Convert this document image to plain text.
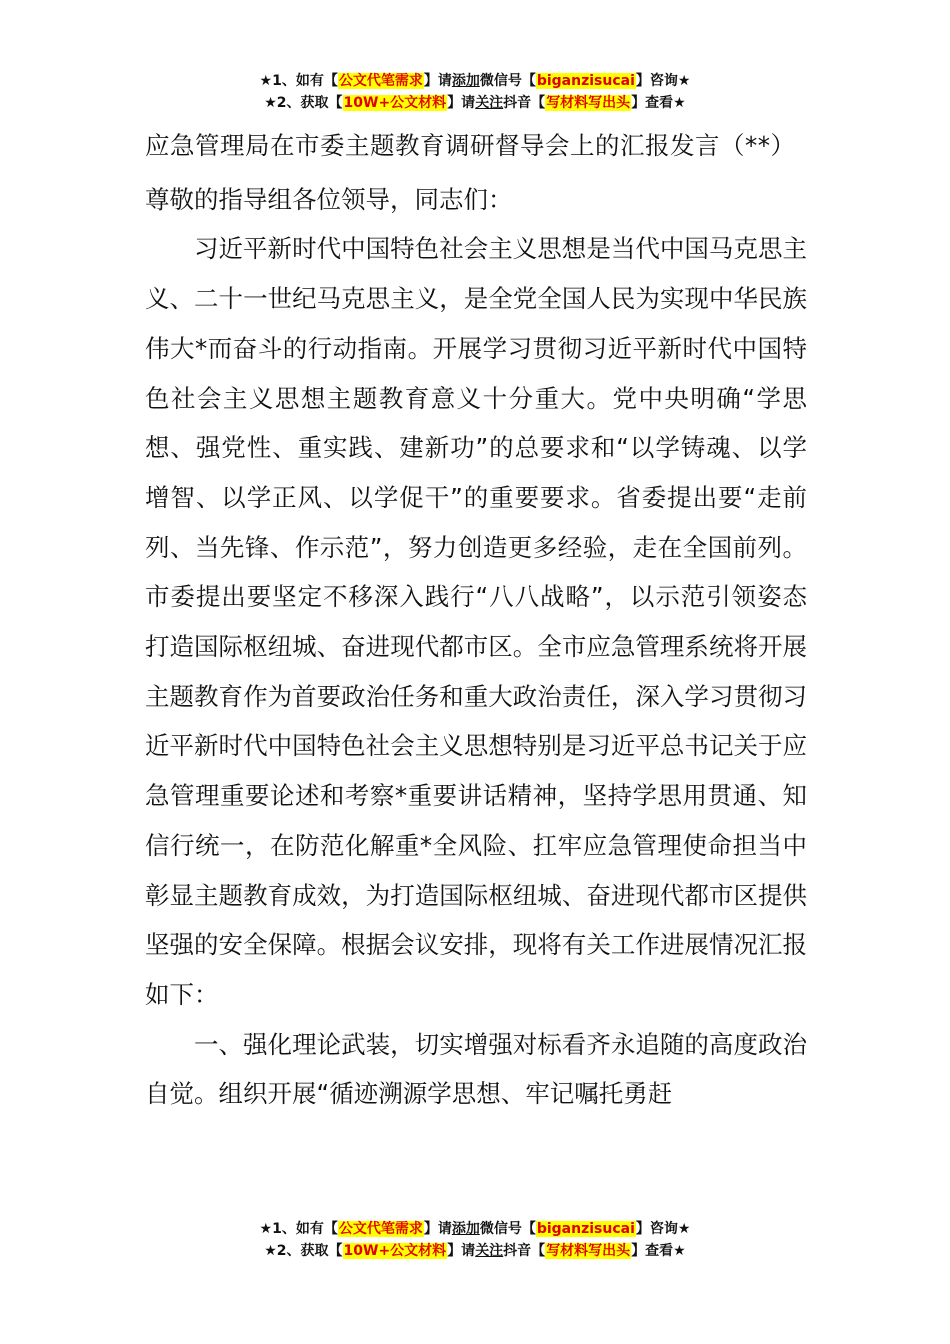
★1、如有【公文代笔需求】请添加微信号【biganzisucai】咨询★
★2、获取【10W+公文材料】请关注抖音【写材料写出头】查看★

应急管理局在市委主题教育调研督导会上的汇报发言（**）

尊敬的指导组各位领导，同志们：

习近平新时代中国特色社会主义思想是当代中国马克思主义、二十一世纪马克思主义，是全党全国人民为实现中华民族伟大*而奋斗的行动指南。开展学习贯彻习近平新时代中国特色社会主义思想主题教育意义十分重大。党中央明确“学思想、强党性、重实践、建新功”的总要求和“以学铸魂、以学增智、以学正风、以学促干”的重要要求。省委提出要“走前列、当先锋、作示范”，努力创造更多经验，走在全国前列。市委提出要坚定不移深入践行“八八战略”，以示范引领姿态打造国际枢纽城、奋进现代都市区。全市应急管理系统将开展主题教育作为首要政治任务和重大政治责任，深入学习贯彻习近平新时代中国特色社会主义思想特别是习近平总书记关于应急管理重要论述和考察*重要讲话精神，坚持学思用贯通、知信行统一，在防范化解重*全风险、扛牢应急管理使命担当中彰显主题教育成效，为打造国际枢纽城、奋进现代都市区提供坚强的安全保障。根据会议安排，现将有关工作进展情况汇报如下：

一、强化理论武装，切实增强对标看齐永追随的高度政治自觉。组织开展“循迹溯源学思想、牢记嘱托勇赶

★1、如有【公文代笔需求】请添加微信号【biganzisucai】咨询★
★2、获取【10W+公文材料】请关注抖音【写材料写出头】查看★
